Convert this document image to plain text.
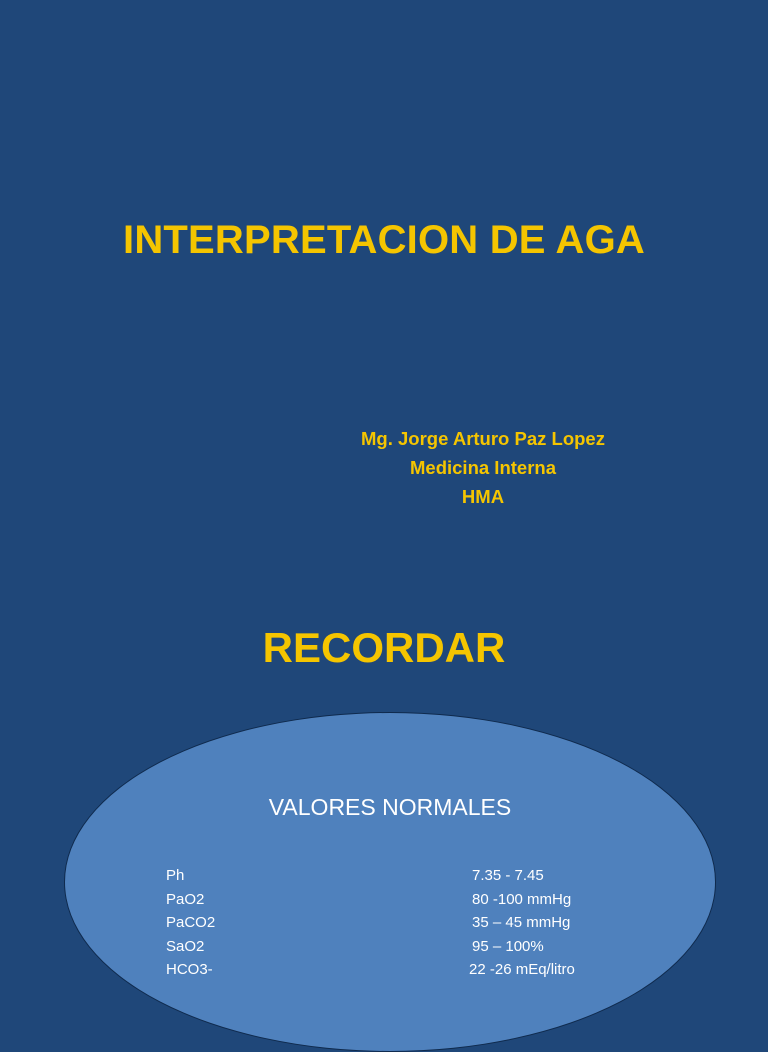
INTERPRETACION DE AGA
Mg. Jorge Arturo Paz Lopez
Medicina Interna
HMA
RECORDAR
VALORES NORMALES
Ph	7.35 - 7.45
PaO2	80 -100 mmHg
PaCO2	35 – 45 mmHg
SaO2	95 – 100%
HCO3-	22 -26 mEq/litro
